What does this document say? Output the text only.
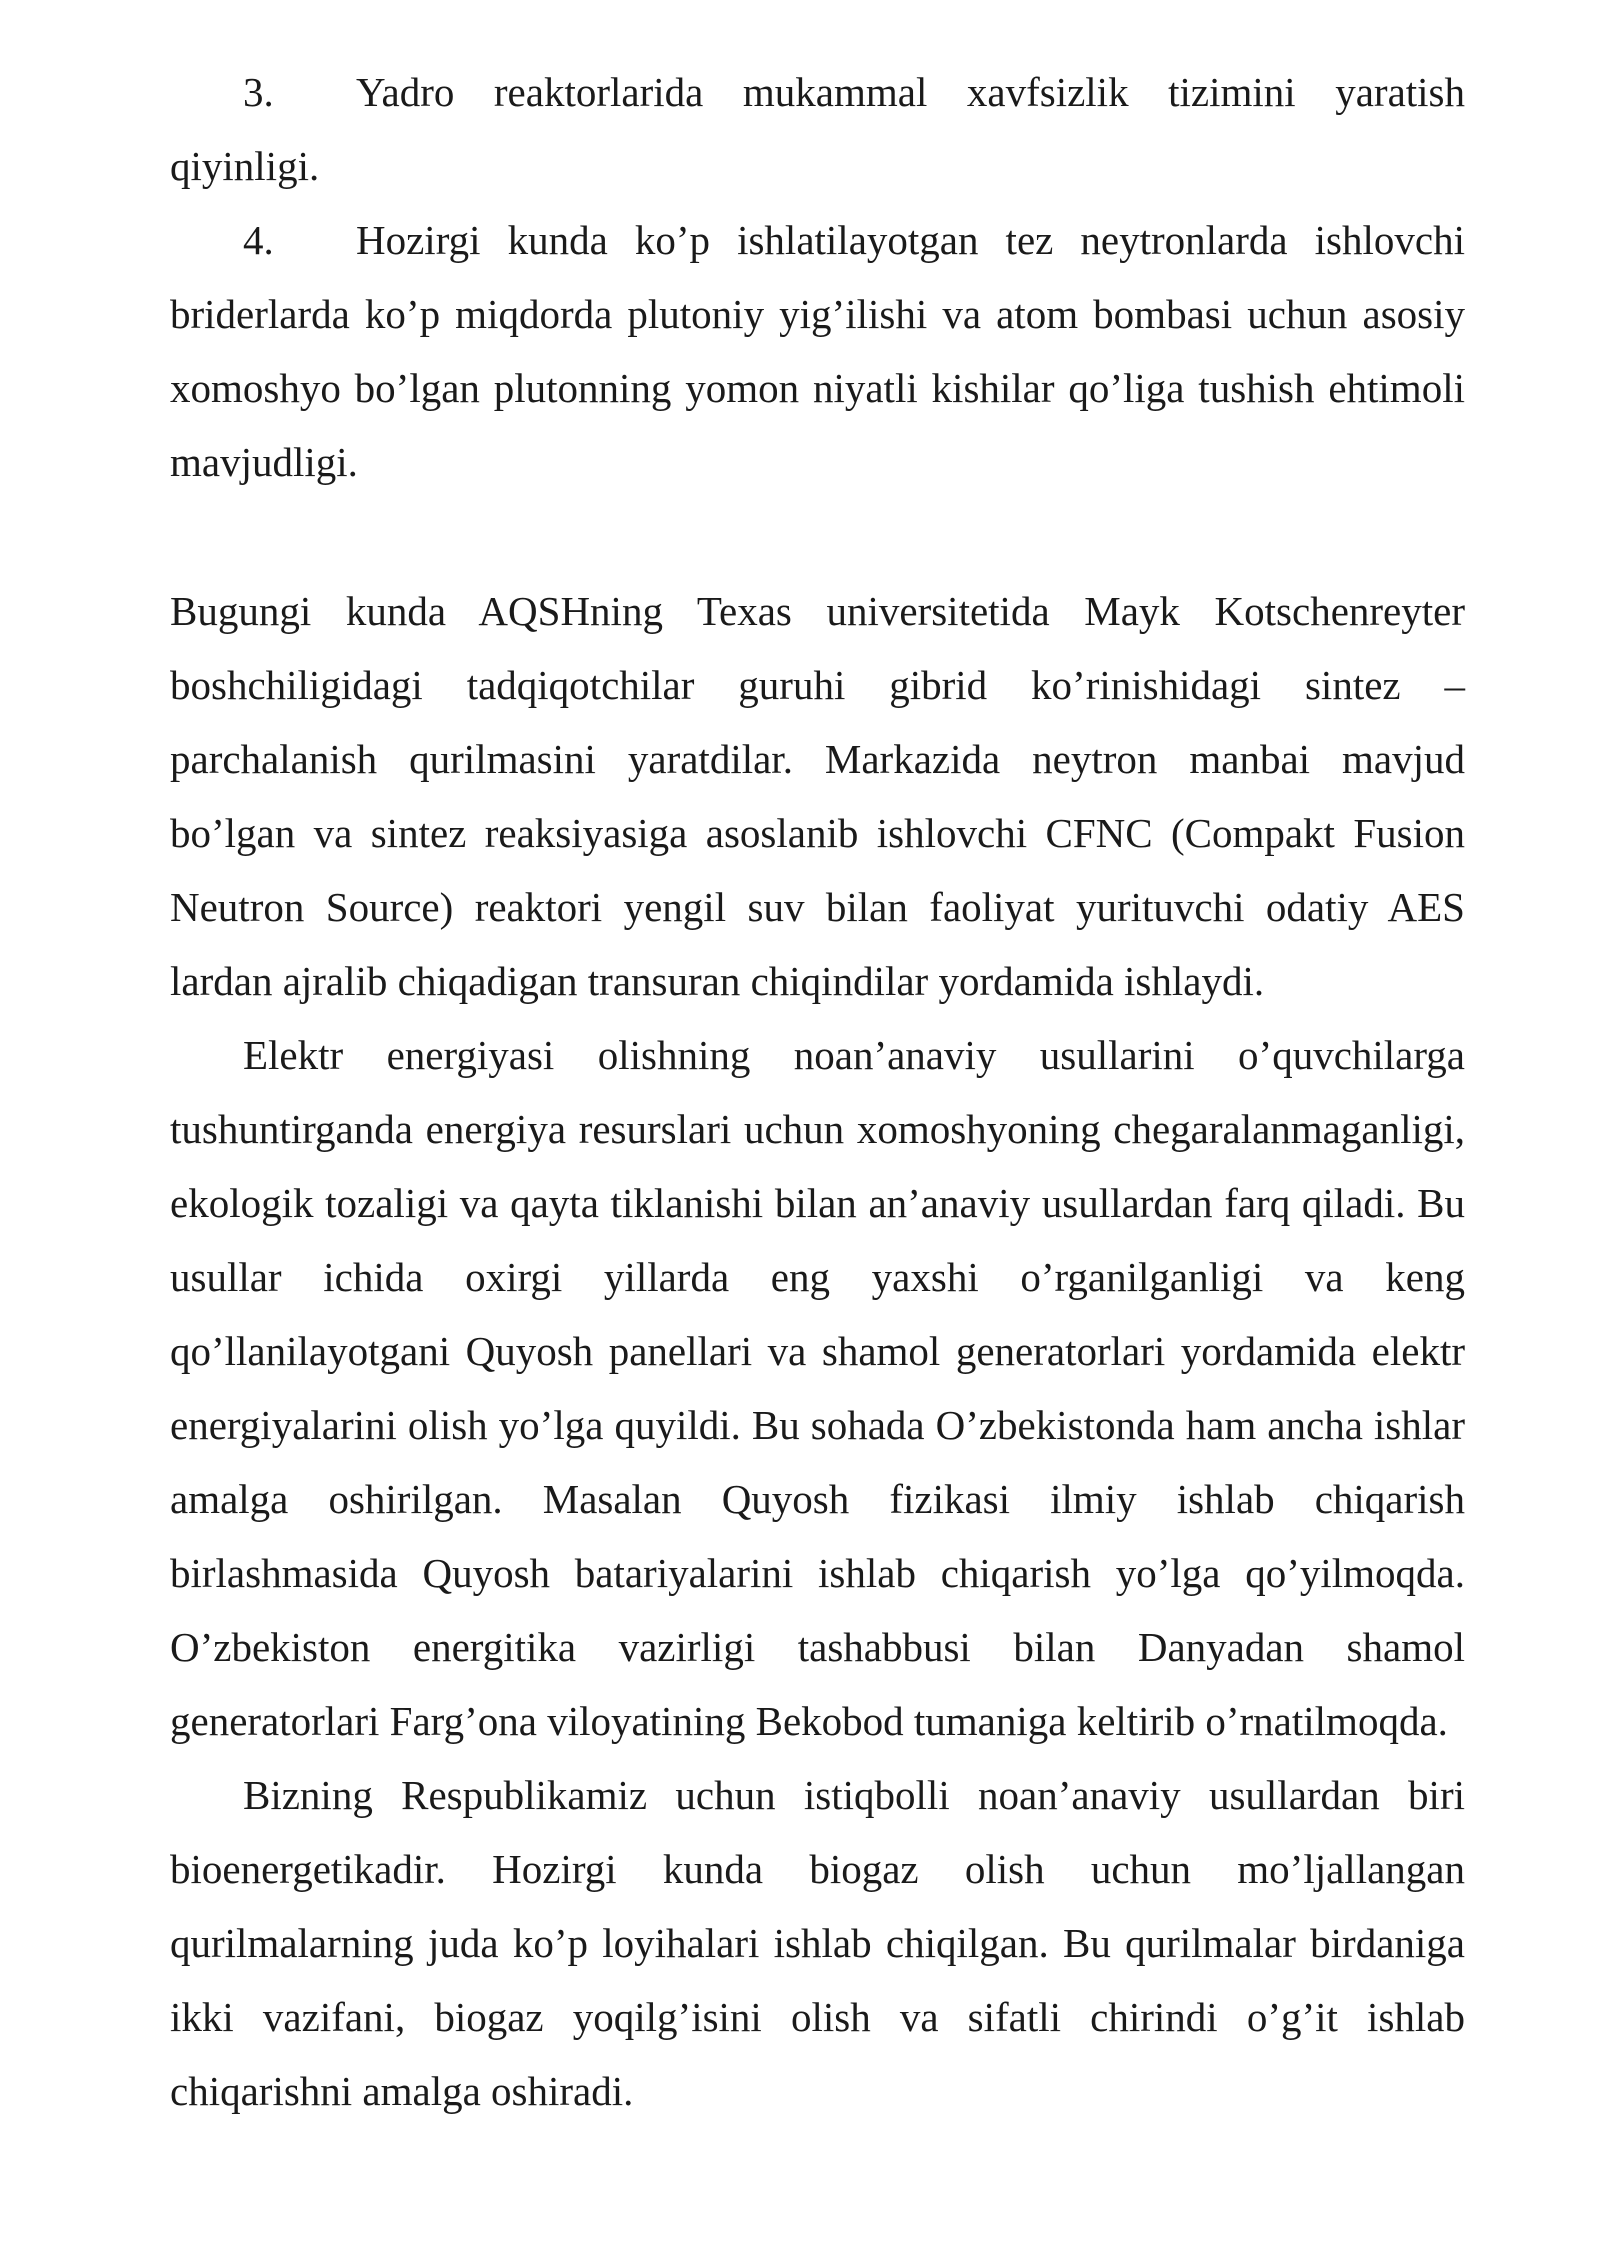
3. Yadro reaktorlarida mukammal xavfsizlik tizimini yaratish qiyinligi.

4. Hozirgi kunda ko’p ishlatilayotgan tez neytronlarda ishlovchi briderlarda ko’p miqdorda plutoniy yig’ilishi va atom bombasi uchun asosiy xomoshyo bo’lgan plutonning yomon niyatli kishilar qo’liga tushish ehtimoli mavjudligi.

Bugungi kunda AQSHning Texas universitetida Mayk Kotschenreyter boshchiligidagi tadqiqotchilar guruhi gibrid ko’rinishidagi sintez – parchalanish qurilmasini yaratdilar. Markazida neytron manbai mavjud bo’lgan va sintez reaksiyasiga asoslanib ishlovchi CFNC (Compakt Fusion Neutron Source) reaktori yengil suv bilan faoliyat yurituvchi odatiy AES lardan ajralib chiqadigan transuran chiqindilar yordamida ishlaydi.

Elektr energiyasi olishning noan’anaviy usullarini o’quvchilarga tushuntirganda energiya resurslari uchun xomoshyoning chegaralanmaganligi, ekologik tozaligi va qayta tiklanishi bilan an’anaviy usullardan farq qiladi. Bu usullar ichida oxirgi yillarda eng yaxshi o’rganilganligi va keng qo’llanilayotgani Quyosh panellari va shamol generatorlari yordamida elektr energiyalarini olish yo’lga quyildi. Bu sohada O’zbekistonda ham ancha ishlar amalga oshirilgan. Masalan Quyosh fizikasi ilmiy ishlab chiqarish birlashmasida Quyosh batariyalarini ishlab chiqarish yo’lga qo’yilmoqda. O’zbekiston energitika vazirligi tashabbusi bilan Danyadan shamol generatorlari Farg’ona viloyatining Bekobod tumaniga keltirib o’rnatilmoqda.

Bizning Respublikamiz uchun istiqbolli noan’anaviy usullardan biri bioenergetikadir. Hozirgi kunda biogaz olish uchun mo’ljallangan qurilmalarning juda ko’p loyihalari ishlab chiqilgan. Bu qurilmalar birdaniga ikki vazifani, biogaz yoqilg’isini olish va sifatli chirindi o’g’it ishlab chiqarishni amalga oshiradi.
